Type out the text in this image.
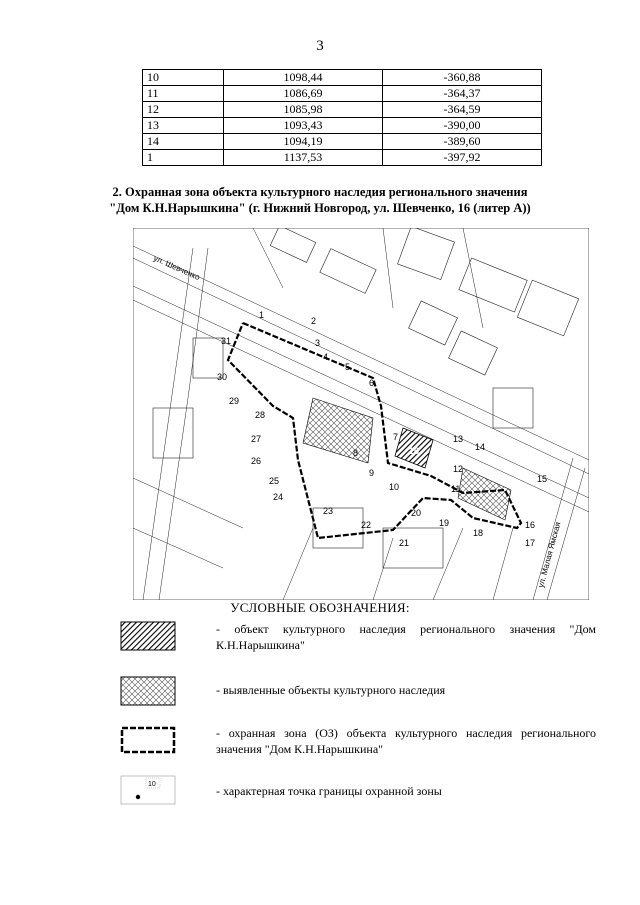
3
10	1098,44	-360,88
11	1086,69	-364,37
12	1085,98	-364,59
13	1093,43	-390,00
14	1094,19	-389,60
1	1137,53	-397,92
2. Охранная зона объекта культурного наследия регионального значения
"Дом К.Н.Нарышкина" (г. Нижний Новгород, ул. Шевченко, 16 (литер А))
16
1
2
3
4
5
6
7
8
9
10	11
12
13
14
15
16
17
18
19
20
21
22
23
24
25
26
27
28
29
30
31
ул. Шевченко
ул. Малая Ямская
УСЛОВНЫЕ ОБОЗНАЧЕНИЯ:
- объект культурного наследия регионального значения "Дом К.Н.Нарышкина"
- выявленные объекты культурного наследия
- охранная зона (ОЗ) объекта культурного наследия регионального значения "Дом К.Н.Нарышкина"
10	- характерная точка границы охранной зоны
